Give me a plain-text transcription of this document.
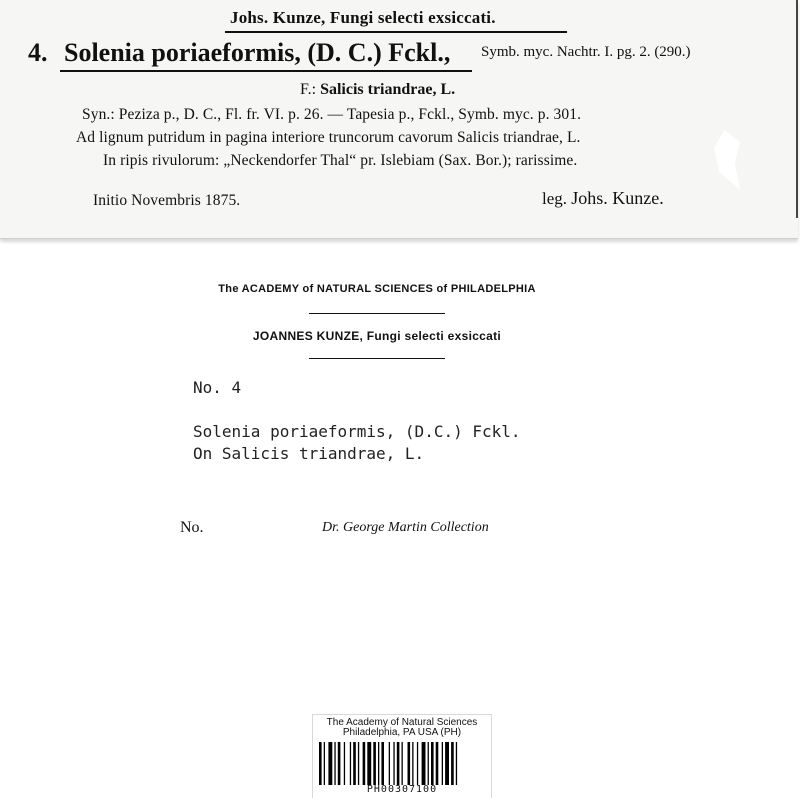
Johs. Kunze, Fungi selecti exsiccati.
4. Solenia poriaeformis, (D. C.) Fckl., Symb. myc. Nachtr. I. pg. 2. (290.)
F.: Salicis triandrae, L.
Syn.: Peziza p., D. C., Fl. fr. VI. p. 26. — Tapesia p., Fckl., Symb. myc. p. 301.
Ad lignum putridum in pagina interiore truncorum cavorum Salicis triandrae, L.
In ripis rivulorum: „Neckendorfer Thal“ pr. Islebiam (Sax. Bor.); rarissime.
Initio Novembris 1875.	leg. Johs. Kunze.
The ACADEMY of NATURAL SCIENCES of PHILADELPHIA
JOANNES KUNZE, Fungi selecti exsiccati
No. 4
Solenia poriaeformis, (D.C.) Fckl.
On Salicis triandrae, L.
No.	Dr. George Martin Collection
The Academy of Natural Sciences
Philadelphia, PA USA (PH)
PH00307100
